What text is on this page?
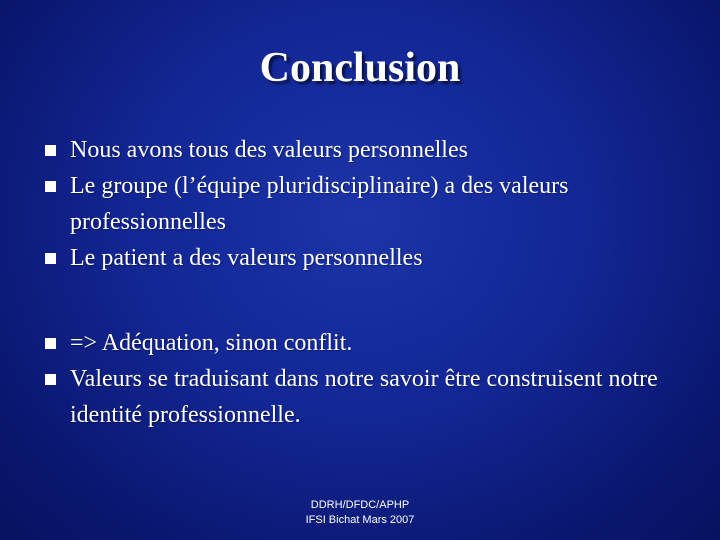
Conclusion
Nous avons tous des valeurs personnelles
Le groupe (l’équipe pluridisciplinaire) a des valeurs professionnelles
Le patient a des valeurs personnelles
=> Adéquation, sinon conflit.
Valeurs se traduisant dans notre savoir être construisent notre identité professionnelle.
DDRH/DFDC/APHP
IFSI Bichat Mars 2007
